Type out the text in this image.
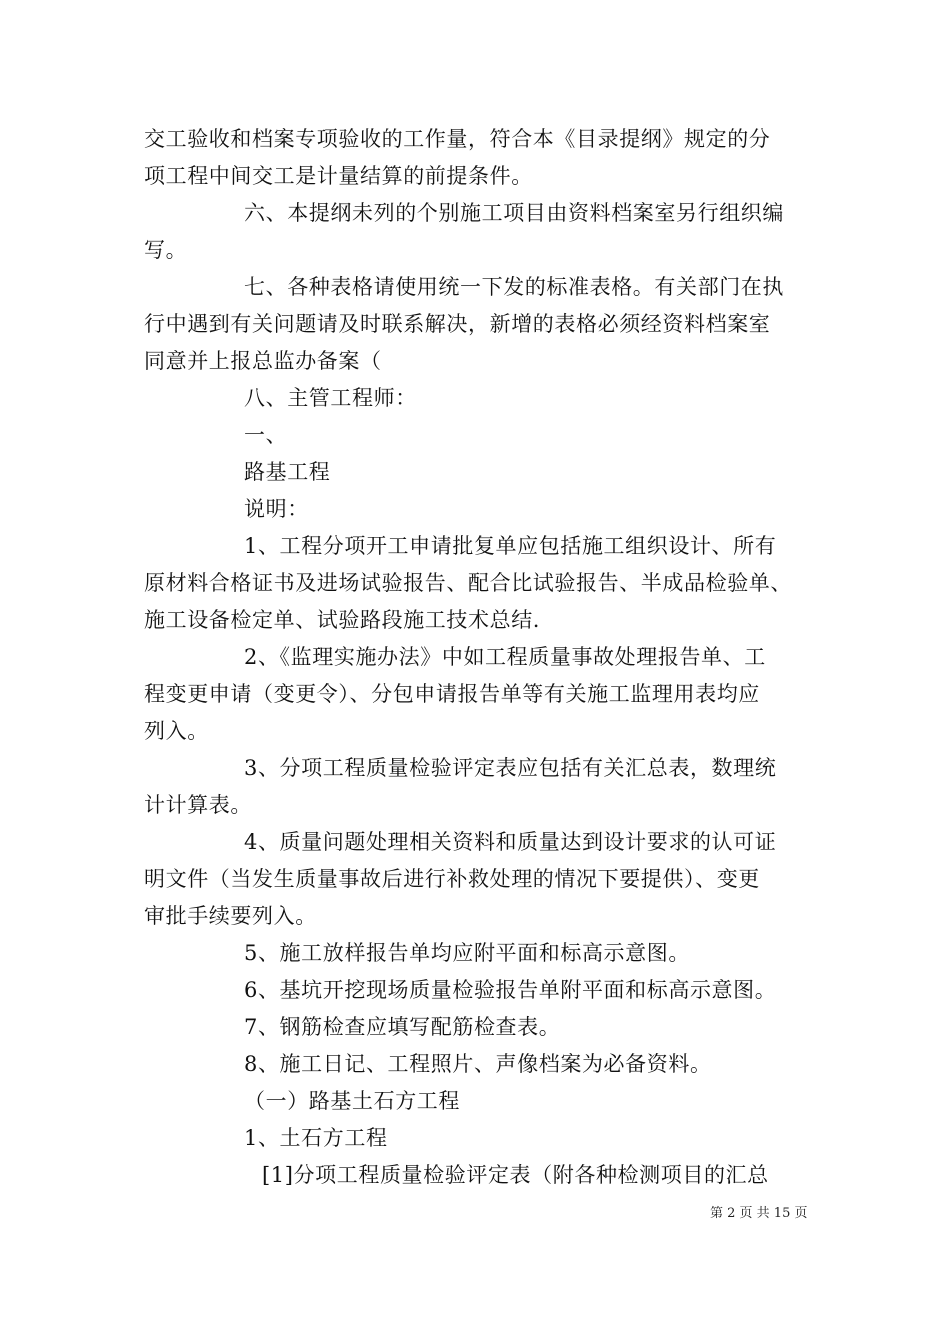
交工验收和档案专项验收的工作量，符合本《目录提纲》规定的分
项工程中间交工是计量结算的前提条件。
六、本提纲未列的个别施工项目由资料档案室另行组织编
写。
七、各种表格请使用统一下发的标准表格。有关部门在执
行中遇到有关问题请及时联系解决，新增的表格必须经资料档案室
同意并上报总监办备案（
八、主管工程师：
一、
路基工程
说明：
1、工程分项开工申请批复单应包括施工组织设计、所有
原材料合格证书及进场试验报告、配合比试验报告、半成品检验单、
施工设备检定单、试验路段施工技术总结.
2、《监理实施办法》中如工程质量事故处理报告单、工
程变更申请（变更令）、分包申请报告单等有关施工监理用表均应
列入。
3、分项工程质量检验评定表应包括有关汇总表，数理统
计计算表。
4、质量问题处理相关资料和质量达到设计要求的认可证
明文件（当发生质量事故后进行补救处理的情况下要提供）、变更
审批手续要列入。
5、施工放样报告单均应附平面和标高示意图。
6、基坑开挖现场质量检验报告单附平面和标高示意图。
7、钢筋检查应填写配筋检查表。
8、施工日记、工程照片、声像档案为必备资料。
（一）路基土石方工程
1、土石方工程
[1]分项工程质量检验评定表（附各种检测项目的汇总
第 2 页 共 15 页
